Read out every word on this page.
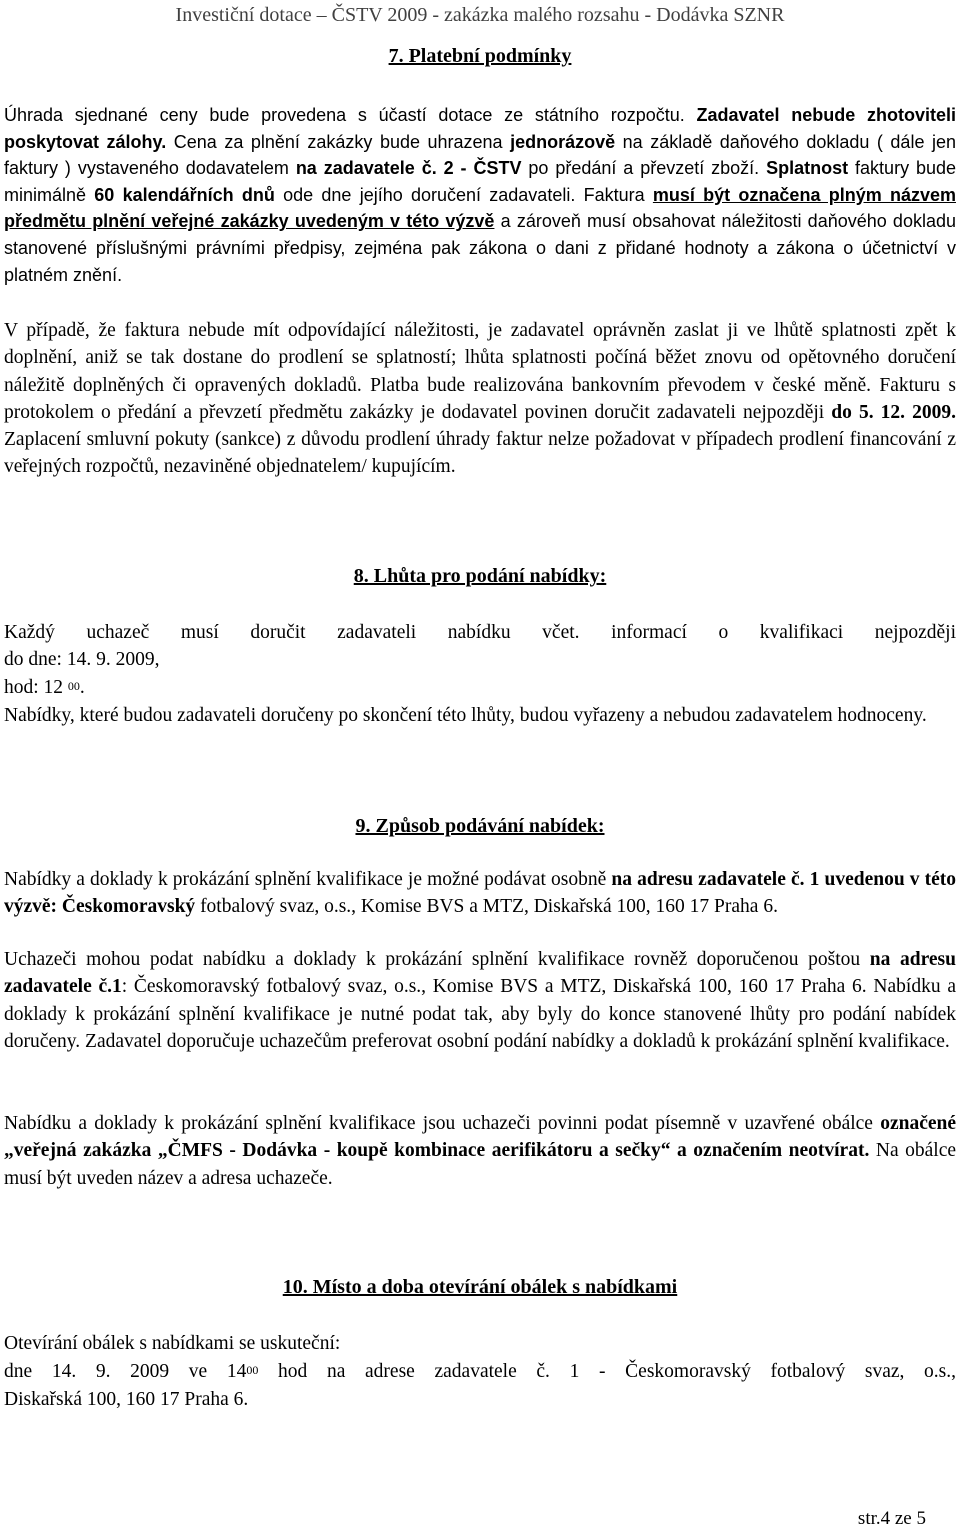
Investiční dotace – ČSTV 2009 - zakázka malého rozsahu - Dodávka SZNR
7. Platební podmínky
Úhrada sjednané ceny bude provedena s účastí dotace ze státního rozpočtu. Zadavatel nebude zhotoviteli poskytovat zálohy. Cena za plnění zakázky bude uhrazena jednorázově na základě daňového dokladu ( dále jen faktury ) vystaveného dodavatelem na zadavatele č. 2 - ČSTV po předání a převzetí zboží. Splatnost faktury bude minimálně 60 kalendářních dnů ode dne jejího doručení zadavateli. Faktura musí být označena plným názvem předmětu plnění veřejné zakázky uvedeným v této výzvě a zároveň musí obsahovat náležitosti daňového dokladu stanovené příslušnými právními předpisy, zejména pak zákona o dani z přidané hodnoty a zákona o účetnictví v platném znění.
V případě, že faktura nebude mít odpovídající náležitosti, je zadavatel oprávněn zaslat ji ve lhůtě splatnosti zpět k doplnění, aniž se tak dostane do prodlení se splatností; lhůta splatnosti počíná běžet znovu od opětovného doručení náležitě doplněných či opravených dokladů. Platba bude realizována bankovním převodem v české měně. Fakturu s protokolem o předání a převzetí předmětu zakázky je dodavatel povinen doručit zadavateli nejpozději do 5. 12. 2009. Zaplacení smluvní pokuty (sankce) z důvodu prodlení úhrady faktur nelze požadovat v případech prodlení financování z veřejných rozpočtů, nezaviněné objednatelem/ kupujícím.
8. Lhůta pro podání nabídky:
Každý uchazeč musí doručit zadavateli nabídku včet. informací o kvalifikaci nejpozději
do dne: 14. 9. 2009,
hod: 12 $^{00}$.
Nabídky, které budou zadavateli doručeny po skončení této lhůty, budou vyřazeny a nebudou zadavatelem hodnoceny.
9. Způsob podávání nabídek:
Nabídky a doklady k prokázání splnění kvalifikace je možné podávat osobně na adresu zadavatele č. 1 uvedenou v této výzvě: Českomoravský fotbalový svaz, o.s., Komise BVS a MTZ, Diskařská 100, 160 17 Praha 6.
Uchazeči mohou podat nabídku a doklady k prokázání splnění kvalifikace rovněž doporučenou poštou na adresu zadavatele č.1: Českomoravský fotbalový svaz, o.s., Komise BVS a MTZ, Diskařská 100, 160 17 Praha 6. Nabídku a doklady k prokázání splnění kvalifikace je nutné podat tak, aby byly do konce stanovené lhůty pro podání nabídek doručeny. Zadavatel doporučuje uchazečům preferovat osobní podání nabídky a dokladů k prokázání splnění kvalifikace.
Nabídku a doklady k prokázání splnění kvalifikace jsou uchazeči povinni podat písemně v uzavřené obálce označené „veřejná zakázka „ČMFS - Dodávka - koupě kombinace aerifikátoru a sečky“ a označením neotvírat. Na obálce musí být uveden název a adresa uchazeče.
10. Místo a doba otevírání obálek s nabídkami
Otevírání obálek s nabídkami se uskuteční:
dne 14. 9. 2009 ve $14^{00}$ hod na adrese zadavatele č. 1 - Českomoravský fotbalový svaz, o.s.,
Diskařská 100, 160 17 Praha 6.
str.4 ze 5
